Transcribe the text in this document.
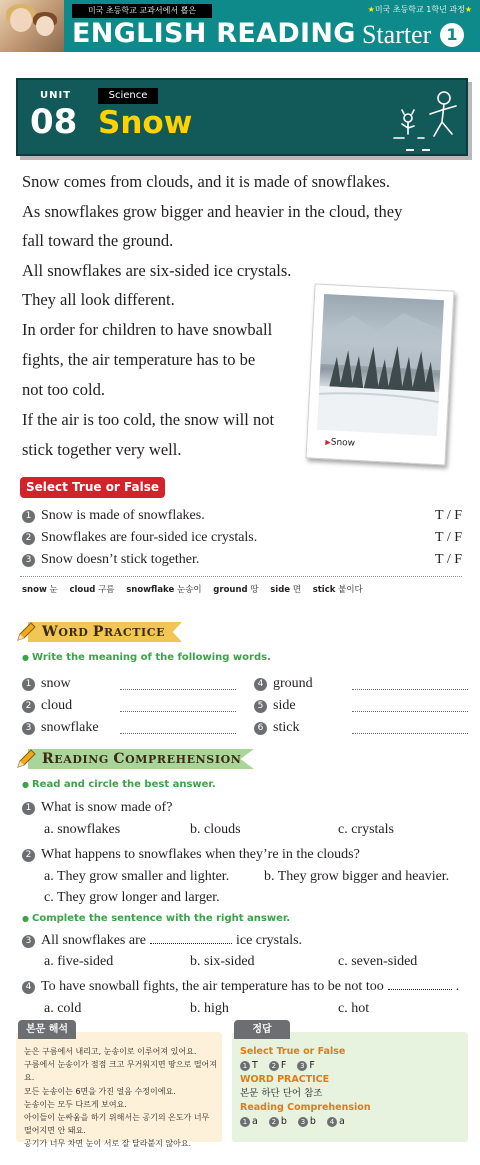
미국 초등학교 교과서에서 뽑은	★미국 초등학교 1학년 과정★
ENGLISH READING Starter 1
UNIT
08
Science
Snow
Snow comes from clouds, and it is made of snowflakes.
As snowflakes grow bigger and heavier in the cloud, they
fall toward the ground.
All snowflakes are six-sided ice crystals.
They all look different.
In order for children to have snowball
fights, the air temperature has to be
not too cold.
If the air is too cold, the snow will not
stick together very well.	▶Snow
Select True or False
1 Snow is made of snowflakes.	T / F
2 Snowflakes are four-sided ice crystals.	T / F
3 Snow doesn’t stick together.	T / F
snow 눈 cloud 구름 snowflake 눈송이 ground 땅 side 면 stick 붙이다
WORD PRACTICE
● Write the meaning of the following words.
1 snow
2 cloud
3 snowflake
4 ground
5 side
6 stick
READING COMPREHENSION
● Read and circle the best answer.
1 What is snow made of?
a. snowflakes	b. clouds	c. crystals
2 What happens to snowflakes when they’re in the clouds?
a. They grow smaller and lighter. b. They grow bigger and heavier.
c. They grow longer and larger.
● Complete the sentence with the right answer.
3 All snowflakes are	ice crystals.
a. five-sided	b. six-sided	c. seven-sided
4 To have snowball fights, the air temperature has to be not too	.
a. cold	b. high	c. hot
본문 해석
눈은 구름에서 내리고, 눈송이로 이루어져 있어요.
구름에서 눈송이가 점점 크고 무거워지면 땅으로 떨어져요.
모든 눈송이는 6면을 가진 얼음 수정이에요.
눈송이는 모두 다르게 보여요.
아이들이 눈싸움을 하기 위해서는 공기의 온도가 너무
떨어지면 안 돼요.
공기가 너무 차면 눈이 서로 잘 달라붙지 않아요.
정답
Select True or False
1 T 2 F 3 F
WORD PRACTICE
본문 하단 단어 참조
Reading Comprehension
1 a 2 b 3 b 4 a
